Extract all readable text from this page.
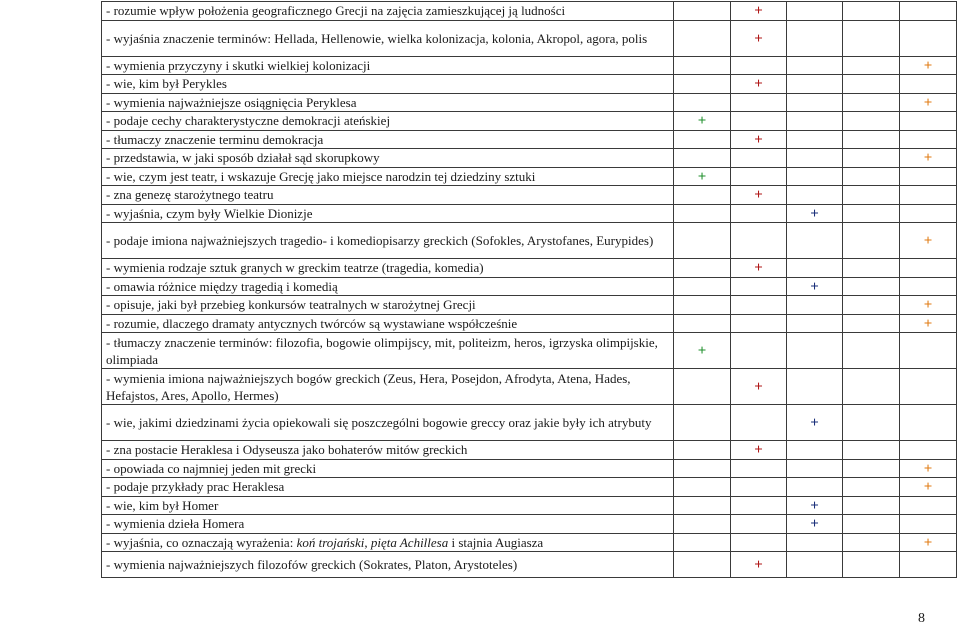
- rozumie wpływ położenia geograficznego Grecji na zajęcia zamieszkującej ją ludności		+			
- wyjaśnia znaczenie terminów: Hellada, Hellenowie, wielka kolonizacja, kolonia, Akropol, agora, polis		+			
- wymienia przyczyny i skutki wielkiej kolonizacji					+
- wie, kim był Perykles		+			
- wymienia najważniejsze osiągnięcia Peryklesa					+
- podaje cechy charakterystyczne demokracji ateńskiej	+				
- tłumaczy znaczenie terminu demokracja		+			
- przedstawia, w jaki sposób działał sąd skorupkowy					+
- wie, czym jest teatr, i wskazuje Grecję jako miejsce narodzin tej dziedziny sztuki	+				
- zna genezę starożytnego teatru		+			
- wyjaśnia, czym były Wielkie Dionizje			+		
- podaje imiona najważniejszych tragedio- i komediopisarzy greckich (Sofokles, Arystofanes, Eurypides)					+
- wymienia rodzaje sztuk granych w greckim teatrze (tragedia, komedia)		+			
- omawia różnice między tragedią i komedią			+		
- opisuje, jaki był przebieg konkursów teatralnych w starożytnej Grecji					+
- rozumie, dlaczego dramaty antycznych twórców są wystawiane współcześnie					+
- tłumaczy znaczenie terminów: filozofia, bogowie olimpijscy, mit, politeizm, heros, igrzyska olimpijskie, olimpiada	+				
- wymienia imiona najważniejszych bogów greckich (Zeus, Hera, Posejdon, Afrodyta, Atena, Hades, Hefajstos, Ares, Apollo, Hermes)		+			
- wie, jakimi dziedzinami życia opiekowali się poszczególni bogowie greccy oraz jakie były ich atrybuty			+		
- zna postacie Heraklesa i Odyseusza jako bohaterów mitów greckich		+			
- opowiada co najmniej jeden mit grecki					+
- podaje przykłady prac Heraklesa					+
- wie, kim był Homer			+		
- wymienia dzieła Homera			+		
- wyjaśnia, co oznaczają wyrażenia: koń trojański, pięta Achillesa i stajnia Augiasza					+
- wymienia najważniejszych filozofów greckich (Sokrates, Platon, Arystoteles)		+			
8
